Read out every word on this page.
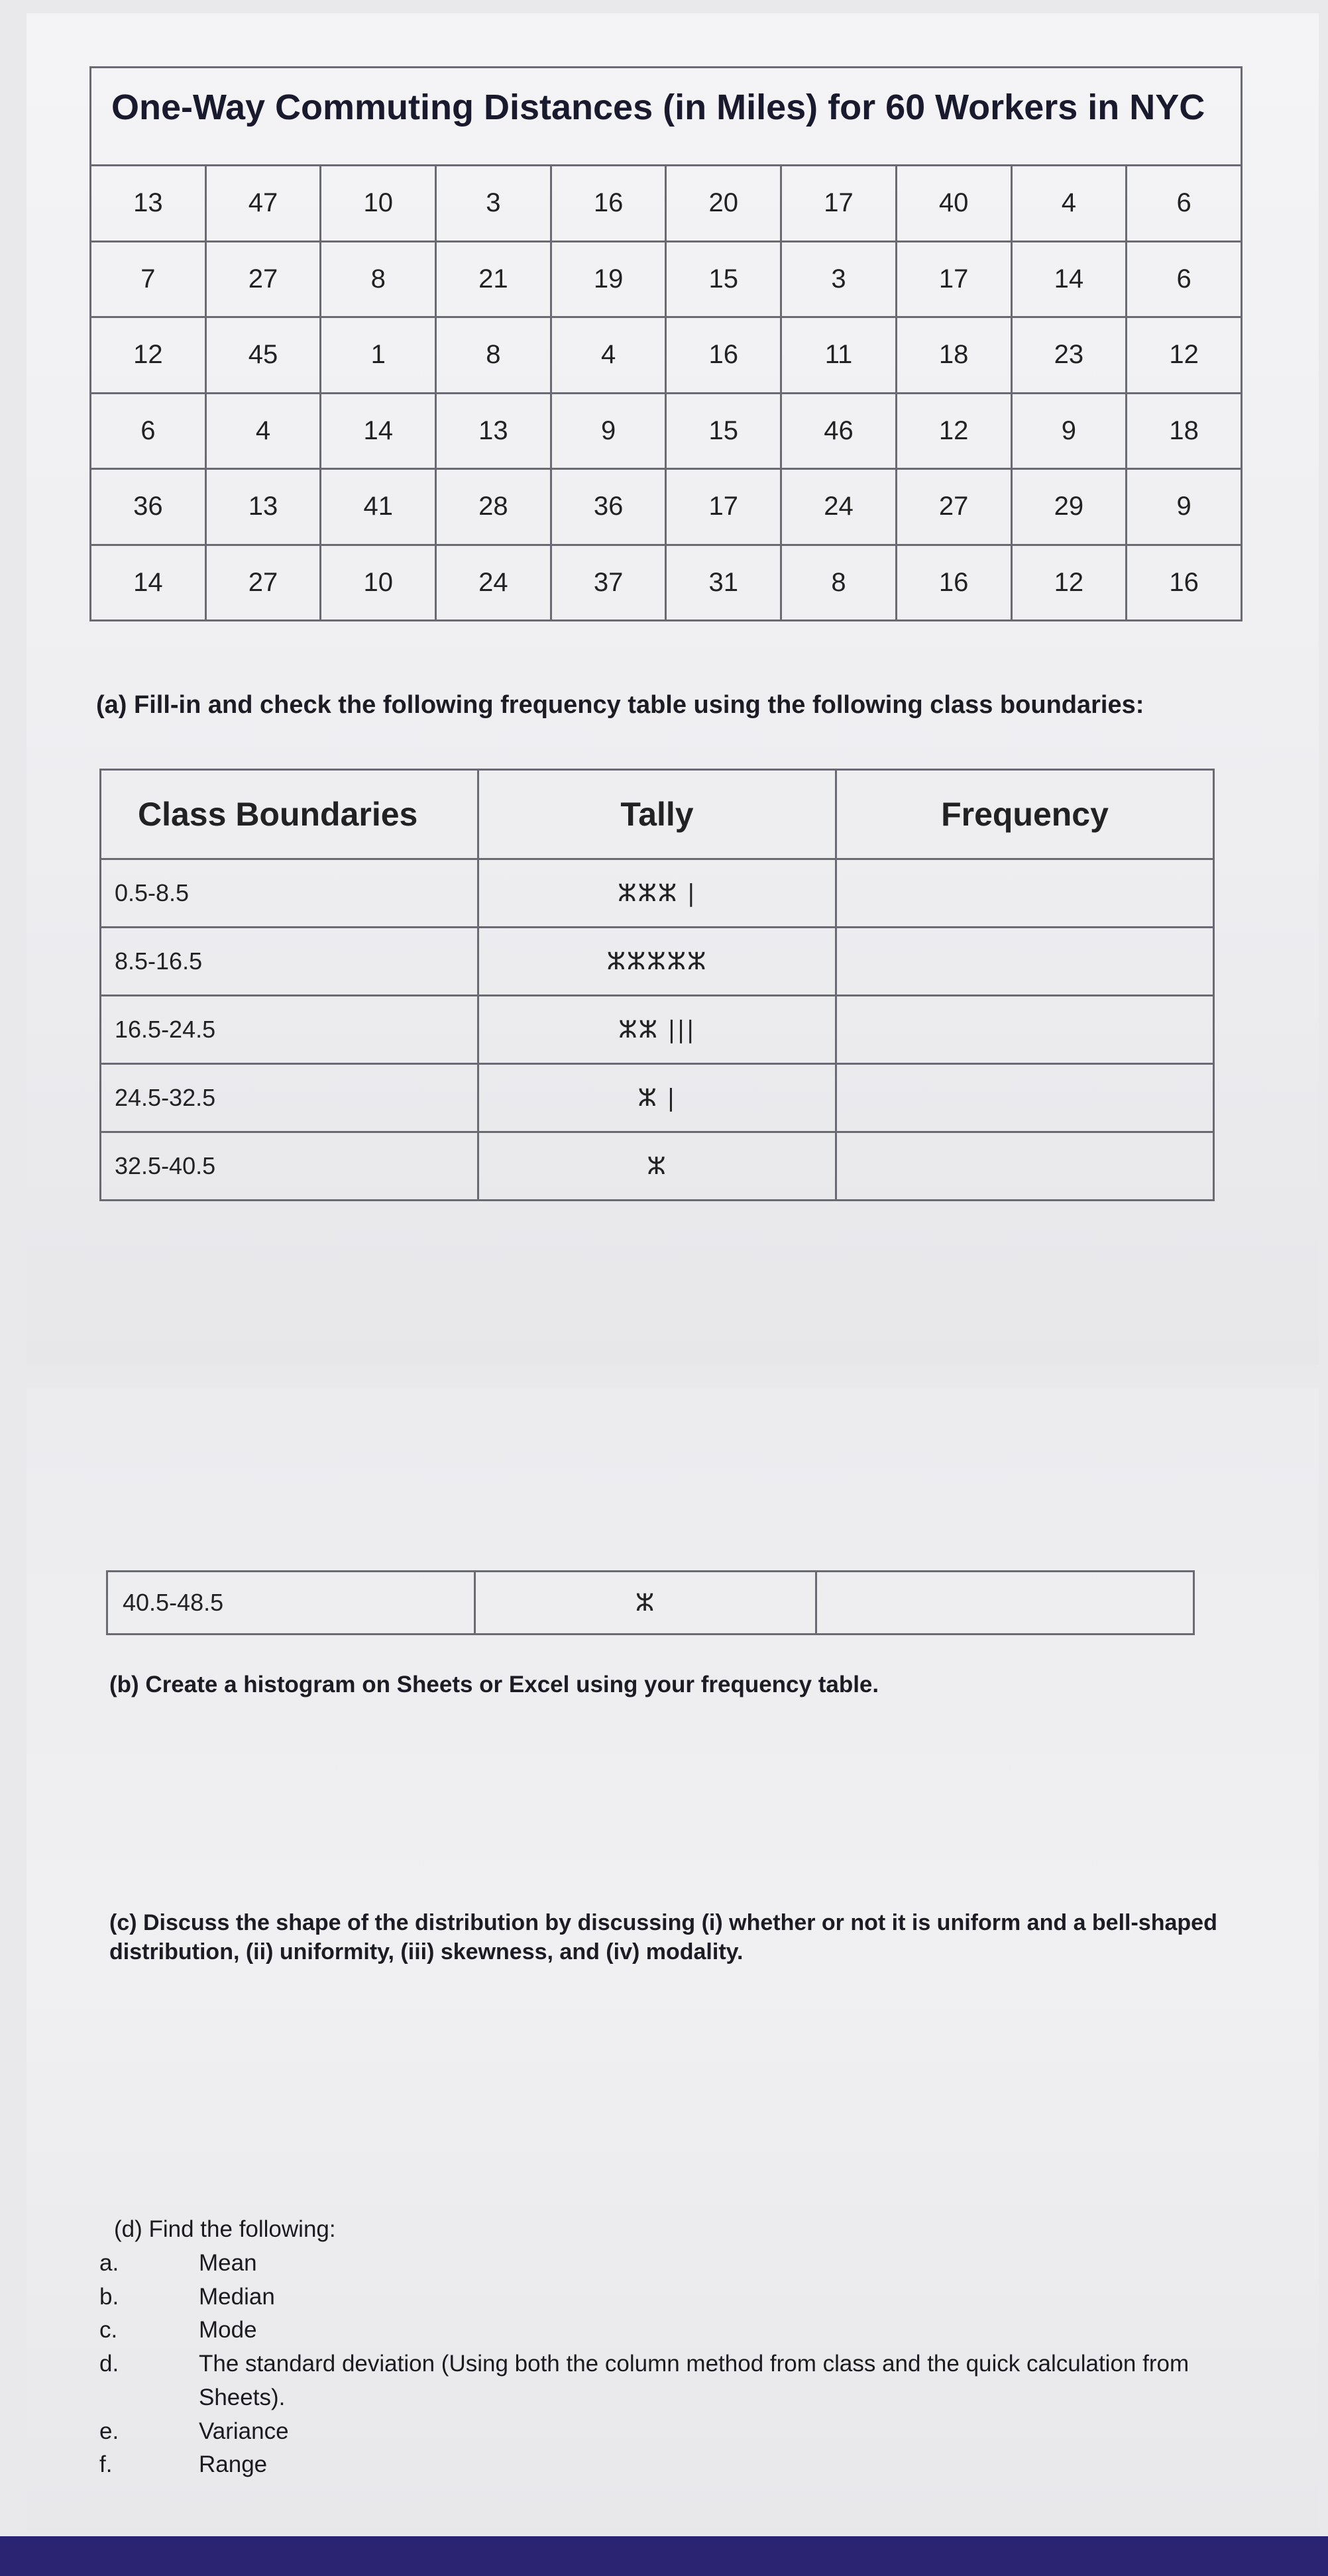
One-Way Commuting Distances (in Miles) for 60 Workers in NYC
13	47	10	3	16	20	17	40	4	6
7	27	8	21	19	15	3	17	14	6
12	45	1	8	4	16	11	18	23	12
6	4	14	13	9	15	46	12	9	18
36	13	41	28	36	17	24	27	29	9
14	27	10	24	37	31	8	16	12	16
(a) Fill-in and check the following frequency table using the following class boundaries:
Class Boundaries	Tally	Frequency
0.5-8.5	ⵣⵣⵣ |	
8.5-16.5	ⵣⵣⵣⵣⵣ	
16.5-24.5	ⵣⵣ |||	
24.5-32.5	ⵣ |	
32.5-40.5	ⵣ	
40.5-48.5	ⵣ	
(b) Create a histogram on Sheets or Excel using your frequency table.
(c) Discuss the shape of the distribution by discussing (i) whether or not it is uniform and a bell-shaped distribution, (ii) uniformity, (iii) skewness, and (iv) modality.
(d) Find the following:
a.	Mean
b.	Median
c.	Mode
d.	The standard deviation (Using both the column method from class and the quick calculation from Sheets).
e.	Variance
f.	Range
